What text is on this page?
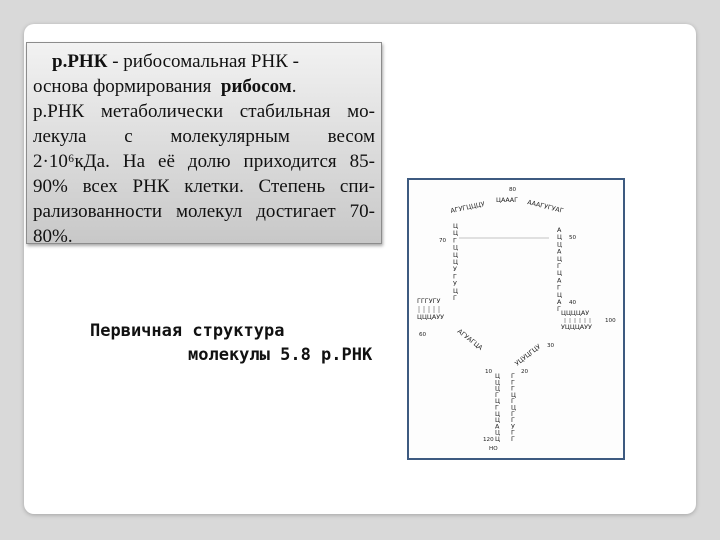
р.РНК - рибосомальная РНК -
основа формирования  рибосом.
р.РНК метаболически стабильная мо-
лекула с молекулярным весом
2·10⁶кДа. На её долю приходится 85-
90% всех РНК клетки. Степень спи-
рализованности молекул достигает 70-
80%.
Первичная структура
молекулы 5.8 р.РНК
80
АГУГЦЦЦУ ЦАААГ АААГУГУАГ
Ц
Ц
Г
Ц
Ц
Ц
У
Г
У
Ц
Г
А
Ц
Ц
А
Ц
Г
Ц
А
Г
Ц
А
Г
70	50
ГГГУГУ
ЦЦЦАУУ
40
ЦЦЦЦАУ
УЦЦЦАУУ
60
100
30
АГУАГЦА
УЦУЦГЦУ
10	20
Ц
Ц
Ц
Г
Ц
Г
Ц
Ц
А
Ц
Ц
Г
Г
Г
Ц
Г
Ц
Г
Г
У
Г
Г
120
HO
